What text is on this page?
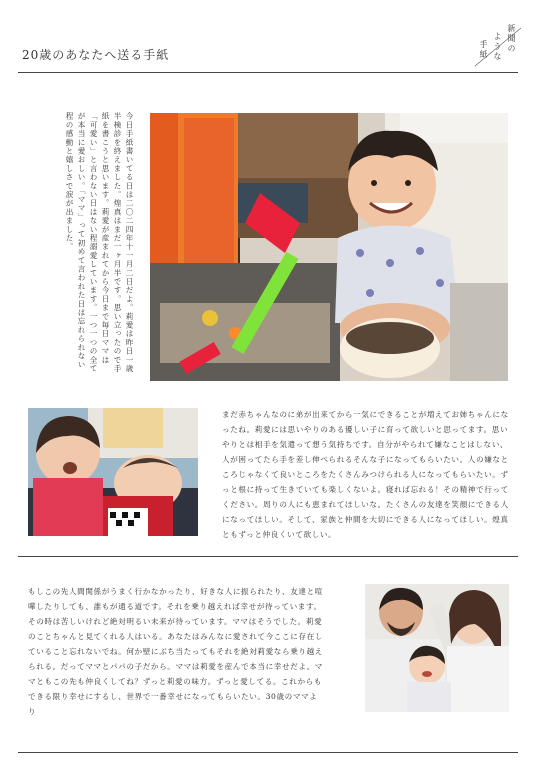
20歳のあなたへ送る手紙
新聞の
ような
手紙
今日手紙書いてる日は二〇二四年十一月二日だよ。莉愛は昨日一歳半検診を終えました。煌真はまだ一ヶ月半です。思い立ったので手紙を書こうと思います。莉愛が産まれてから今日まで毎日ママは「可愛い」と言わない日はない程溺愛しています。一つ一つの全てが本当に愛おしい。「ママ」って初めて言われた日は忘れられない程の感動と嬉しさで涙が出ました。

まだ赤ちゃんなのに弟が出来てから一気にできることが増えてお姉ちゃんになったね。莉愛には思いやりのある優しい子に育って欲しいと思ってます。思いやりとは相手を気遣って想う気持ちです。自分がやられて嫌なことはしない、人が困ってたら手を差し伸べられるそんな子になってもらいたい。人の嫌なところじゃなくて良いところをたくさんみつけられる人になってもらいたい。ずっと根に持って生きていても楽しくないよ。寝れば忘れる！その精神で行ってください。周りの人にも恵まれてほしいな。たくさんの友達を笑顔にできる人になってほしい。そして、家族と仲間を大切にできる人になってほしい。煌真ともずっと仲良くいて欲しい。

もしこの先人間関係がうまく行かなかったり、好きな人に振られたり、友達と喧嘩したりしても、誰もが通る道です。それを乗り越えれば幸せが待っています。その時は苦しいけれど絶対明るい未来が待っています。ママはそうでした。莉愛のことちゃんと見てくれる人はいる。あなたはみんなに愛されて今ここに存在していること忘れないでね。何か壁にぶち当たってもそれを絶対莉愛なら乗り越えられる。だってママとパパの子だから。ママは莉愛を産んで本当に幸せだよ。ママともこの先も仲良くしてね？ずっと莉愛の味方。ずっと愛してる。これからもできる限り幸せにするし、世界で一番幸せになってもらいたい。30歳のママより
